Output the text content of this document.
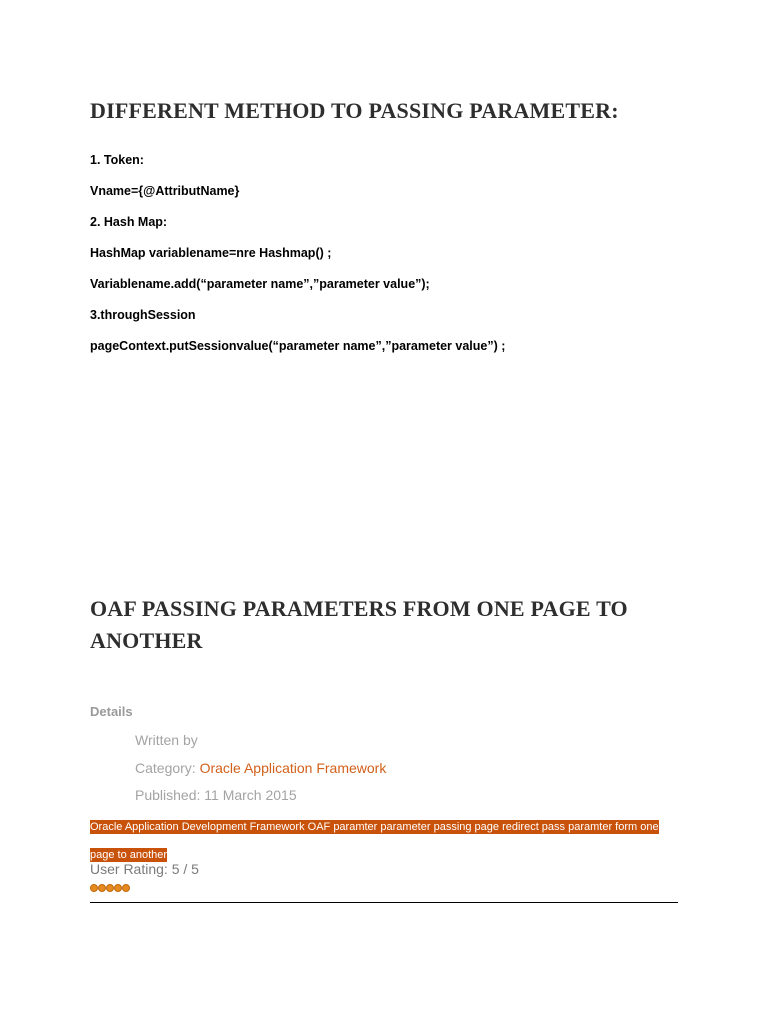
DIFFERENT METHOD TO PASSING PARAMETER:
1. Token:
Vname={@AttributName}
2. Hash Map:
HashMap variablename=nre Hashmap() ;
Variablename.add(“parameter name”,”parameter value”);
3.throughSession
pageContext.putSessionvalue(“parameter name”,”parameter value”) ;
OAF PASSING PARAMETERS FROM ONE PAGE TO ANOTHER
Details
Written by
Category: Oracle Application Framework
Published: 11 March 2015
Oracle Application Development Framework OAF paramter parameter passing page redirect pass paramter form one page to another
User Rating: 5 / 5
